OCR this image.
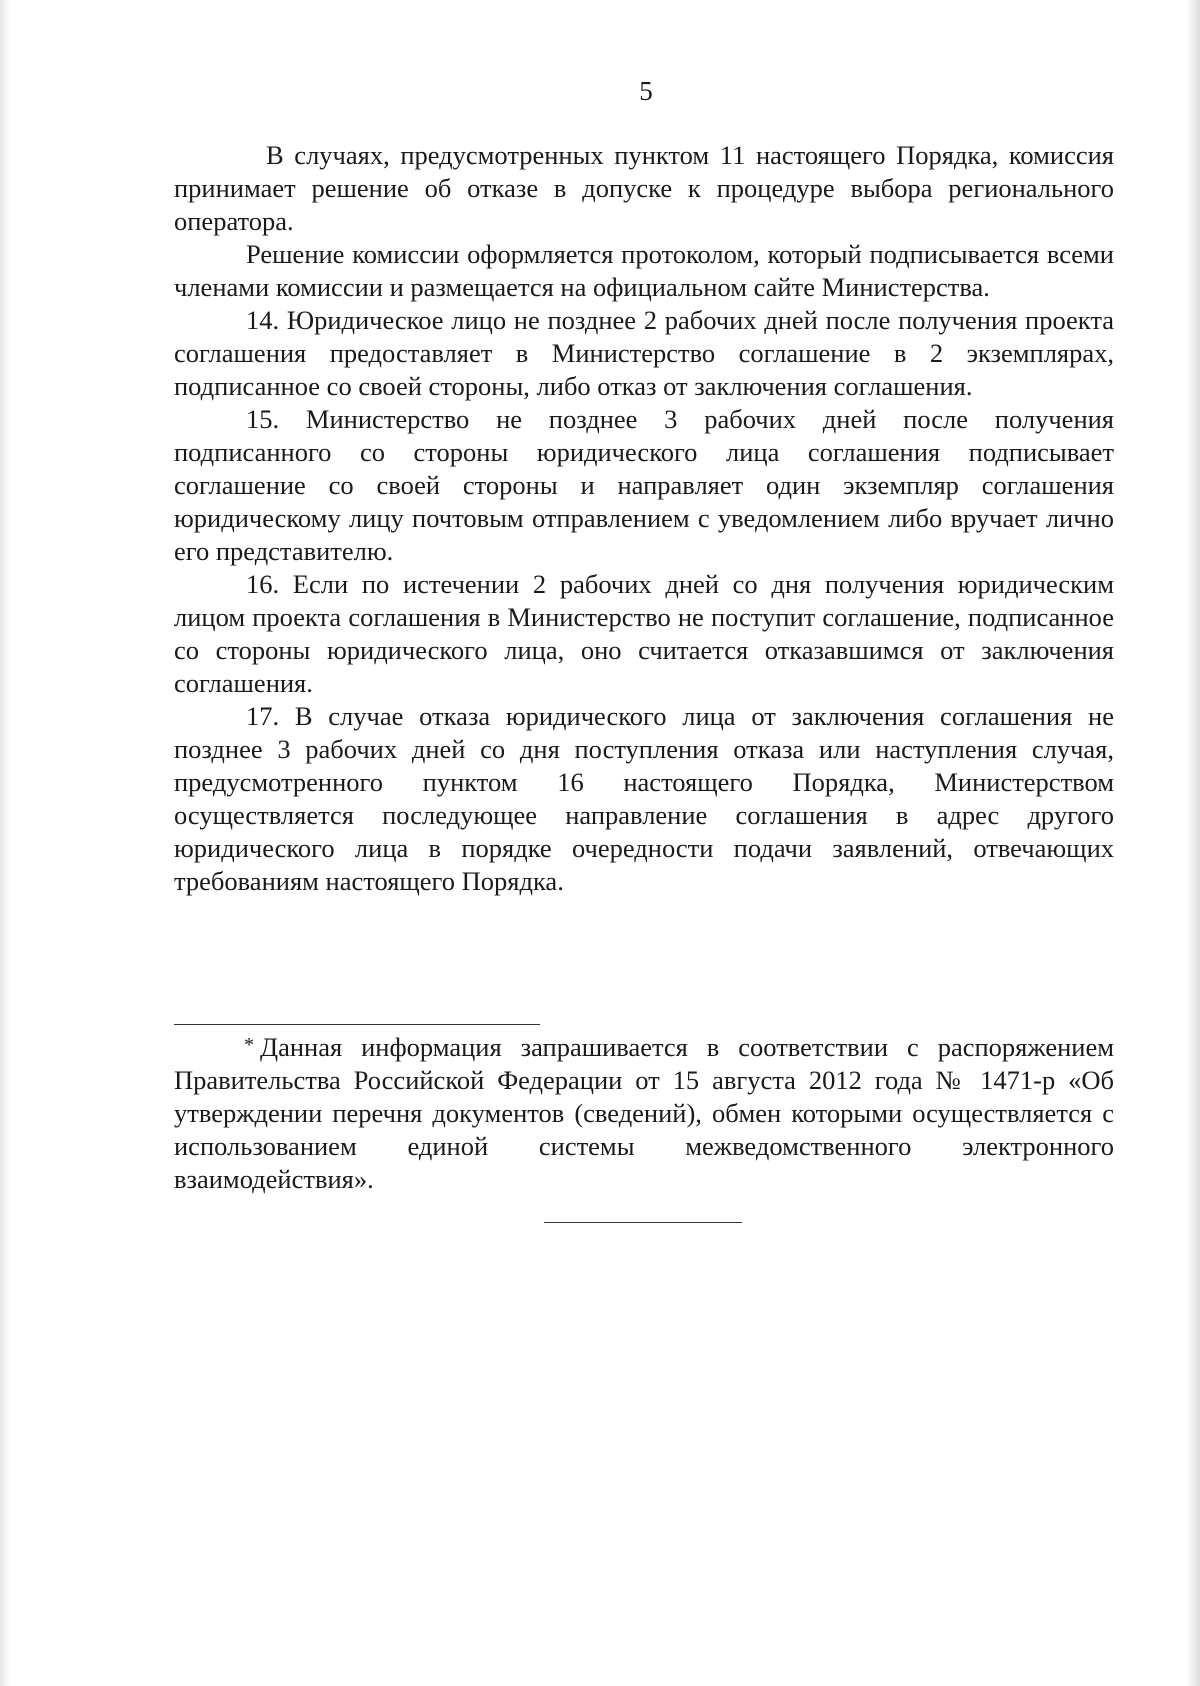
5

В случаях, предусмотренных пунктом 11 настоящего Порядка, комиссия принимает решение об отказе в допуске к процедуре выбора регионального оператора.

Решение комиссии оформляется протоколом, который подписывается всеми членами комиссии и размещается на официальном сайте Министерства.

14. Юридическое лицо не позднее 2 рабочих дней после получения проекта соглашения предоставляет в Министерство соглашение в 2 экземплярах, подписанное со своей стороны, либо отказ от заключения соглашения.

15. Министерство не позднее 3 рабочих дней после получения подписанного со стороны юридического лица соглашения подписывает соглашение со своей стороны и направляет один экземпляр соглашения юридическому лицу почтовым отправлением с уведомлением либо вручает лично его представителю.

16. Если по истечении 2 рабочих дней со дня получения юридическим лицом проекта соглашения в Министерство не поступит соглашение, подписанное со стороны юридического лица, оно считается отказавшимся от заключения соглашения.

17. В случае отказа юридического лица от заключения соглашения не позднее 3 рабочих дней со дня поступления отказа или наступления случая, предусмотренного пунктом 16 настоящего Порядка, Министерством осуществляется последующее направление соглашения в адрес другого юридического лица в порядке очередности подачи заявлений, отвечающих требованиям настоящего Порядка.

* Данная информация запрашивается в соответствии с распоряжением Правительства Российской Федерации от 15 августа 2012 года № 1471-р «Об утверждении перечня документов (сведений), обмен которыми осуществляется с использованием единой системы межведомственного электронного взаимодействия».
